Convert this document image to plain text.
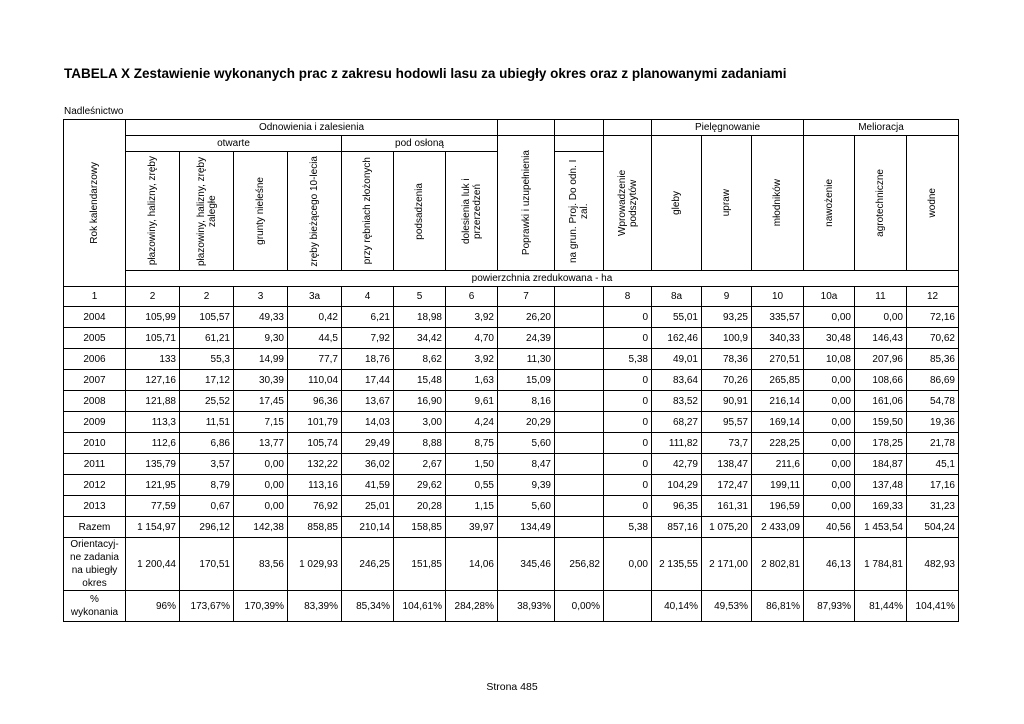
TABELA X Zestawienie wykonanych prac z zakresu hodowli lasu za ubiegły okres oraz z planowanymi zadaniami
Nadleśnictwo
Rok kalendarzowy	Odnowienia i zalesienia										Pielęgnowanie			Melioracja		
	otwarte				pod osłoną			Poprawki i uzupełnienia		Wprowadzenie podszytów	gleby	upraw	młodników	nawożenie	agrotechniczne	wodne

	płazowiny, halizny, zręby	płazowiny, halizny, zręby zaległe	grunty nieleśne	zręby bieżącego 10-lecia	przy rębniach złożonych	podsadzenia	dolesienia luk i przerzedzeń		na grun. Proj. Do odn. I zal.							

	powierzchnia zredukowana - ha															
1	2	2	3	3a	4	5	6	7		8	8a	9	10	10a	11	12
2004	105,99	105,57	49,33	0,42	6,21	18,98	3,92	26,20		0	55,01	93,25	335,57	0,00	0,00	72,16
2005	105,71	61,21	9,30	44,5	7,92	34,42	4,70	24,39		0	162,46	100,9	340,33	30,48	146,43	70,62
2006	133	55,3	14,99	77,7	18,76	8,62	3,92	11,30		5,38	49,01	78,36	270,51	10,08	207,96	85,36
2007	127,16	17,12	30,39	110,04	17,44	15,48	1,63	15,09		0	83,64	70,26	265,85	0,00	108,66	86,69
2008	121,88	25,52	17,45	96,36	13,67	16,90	9,61	8,16		0	83,52	90,91	216,14	0,00	161,06	54,78
2009	113,3	11,51	7,15	101,79	14,03	3,00	4,24	20,29		0	68,27	95,57	169,14	0,00	159,50	19,36
2010	112,6	6,86	13,77	105,74	29,49	8,88	8,75	5,60		0	111,82	73,7	228,25	0,00	178,25	21,78
2011	135,79	3,57	0,00	132,22	36,02	2,67	1,50	8,47		0	42,79	138,47	211,6	0,00	184,87	45,1
2012	121,95	8,79	0,00	113,16	41,59	29,62	0,55	9,39		0	104,29	172,47	199,11	0,00	137,48	17,16
2013	77,59	0,67	0,00	76,92	25,01	20,28	1,15	5,60		0	96,35	161,31	196,59	0,00	169,33	31,23
Razem	1 154,97	296,12	142,38	858,85	210,14	158,85	39,97	134,49		5,38	857,16	1 075,20	2 433,09	40,56	1 453,54	504,24
Orientacyj-ne zadania na ubiegły okres	1 200,44	170,51	83,56	1 029,93	246,25	151,85	14,06	345,46	256,82	0,00	2 135,55	2 171,00	2 802,81	46,13	1 784,81	482,93
% wykonania	96%	173,67%	170,39%	83,39%	85,34%	104,61%	284,28%	38,93%	0,00%		40,14%	49,53%	86,81%	87,93%	81,44%	104,41%
Strona 485
